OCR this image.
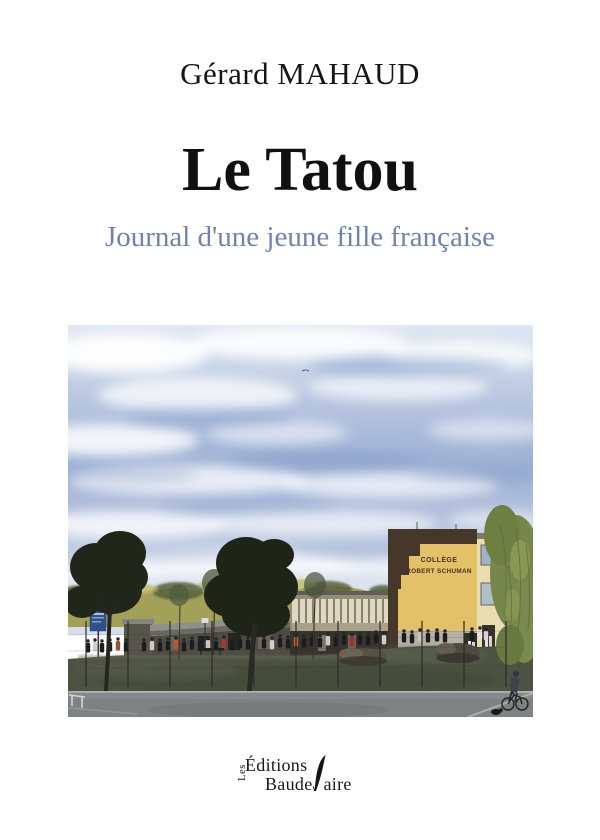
Gérard MAHAUD
Le Tatou
Journal d'une jeune fille française
COLLÈGE
ROBERT SCHUMAN
Les
Éditions
Baude aire
